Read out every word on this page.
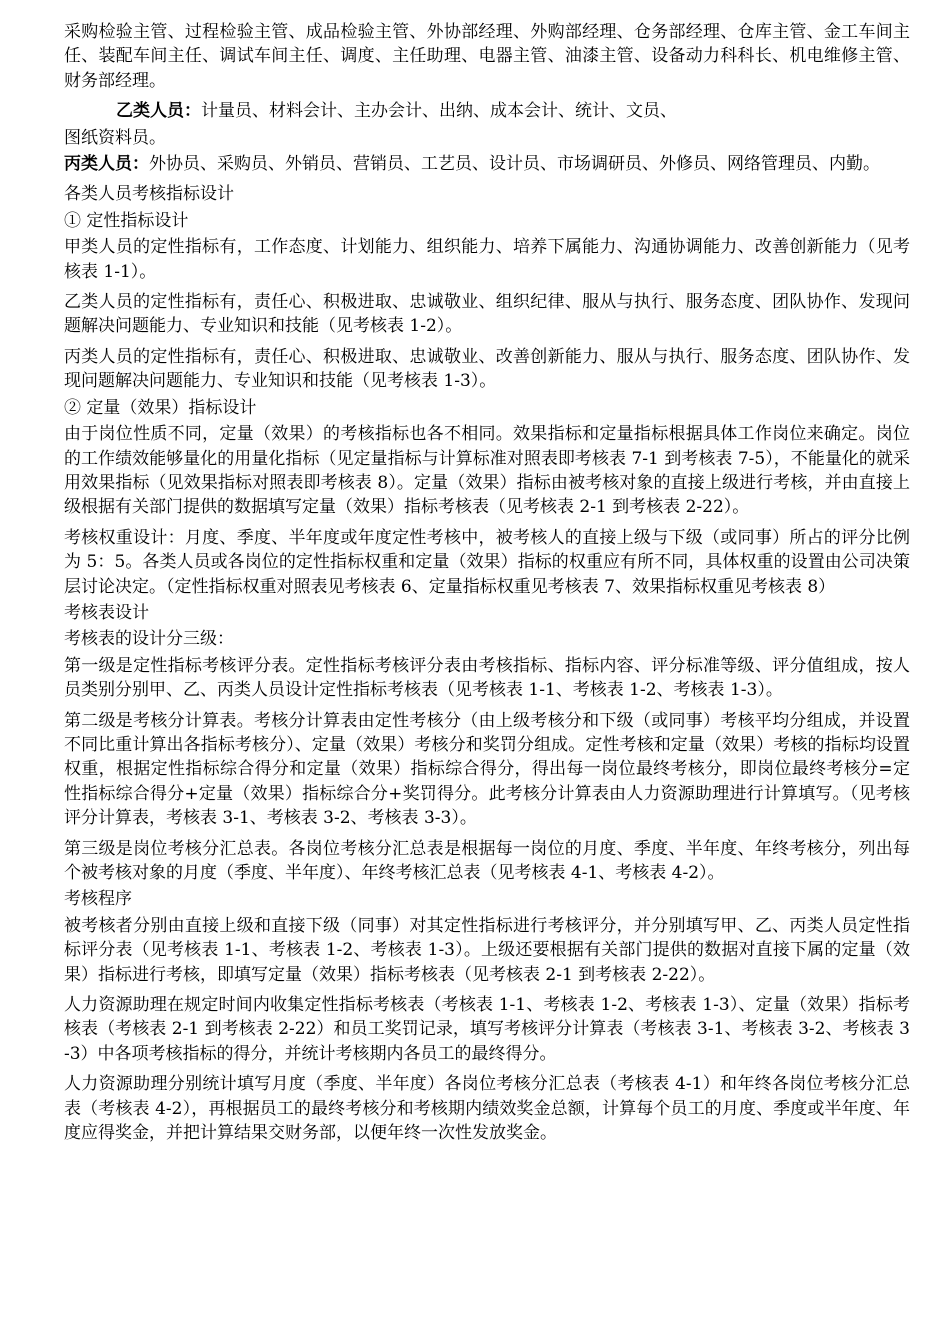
采购检验主管、过程检验主管、成品检验主管、外协部经理、外购部经理、仓务部经理、仓库主管、金工车间主任、装配车间主任、调试车间主任、调度、主任助理、电器主管、油漆主管、设备动力科科长、机电维修主管、财务部经理。

乙类人员：计量员、材料会计、主办会计、出纳、成本会计、统计、文员、

图纸资料员。

丙类人员：外协员、采购员、外销员、营销员、工艺员、设计员、市场调研员、外修员、网络管理员、内勤。

各类人员考核指标设计

① 定性指标设计

甲类人员的定性指标有，工作态度、计划能力、组织能力、培养下属能力、沟通协调能力、改善创新能力（见考核表 1-1）。

乙类人员的定性指标有，责任心、积极进取、忠诚敬业、组织纪律、服从与执行、服务态度、团队协作、发现问题解决问题能力、专业知识和技能（见考核表 1-2）。

丙类人员的定性指标有，责任心、积极进取、忠诚敬业、改善创新能力、服从与执行、服务态度、团队协作、发现问题解决问题能力、专业知识和技能（见考核表 1-3）。

② 定量（效果）指标设计

由于岗位性质不同，定量（效果）的考核指标也各不相同。效果指标和定量指标根据具体工作岗位来确定。岗位的工作绩效能够量化的用量化指标（见定量指标与计算标准对照表即考核表 7-1 到考核表 7-5），不能量化的就采用效果指标（见效果指标对照表即考核表 8）。定量（效果）指标由被考核对象的直接上级进行考核，并由直接上级根据有关部门提供的数据填写定量（效果）指标考核表（见考核表 2-1 到考核表 2-22）。

考核权重设计：月度、季度、半年度或年度定性考核中，被考核人的直接上级与下级（或同事）所占的评分比例为 5：5。各类人员或各岗位的定性指标权重和定量（效果）指标的权重应有所不同，具体权重的设置由公司决策层讨论决定。（定性指标权重对照表见考核表 6、定量指标权重见考核表 7、效果指标权重见考核表 8）

考核表设计

考核表的设计分三级：

第一级是定性指标考核评分表。定性指标考核评分表由考核指标、指标内容、评分标准等级、评分值组成，按人员类别分别甲、乙、丙类人员设计定性指标考核表（见考核表 1-1、考核表 1-2、考核表 1-3）。

第二级是考核分计算表。考核分计算表由定性考核分（由上级考核分和下级（或同事）考核平均分组成，并设置不同比重计算出各指标考核分）、定量（效果）考核分和奖罚分组成。定性考核和定量（效果）考核的指标均设置权重，根据定性指标综合得分和定量（效果）指标综合得分，得出每一岗位最终考核分，即岗位最终考核分=定性指标综合得分+定量（效果）指标综合分+奖罚得分。此考核分计算表由人力资源助理进行计算填写。（见考核评分计算表，考核表 3-1、考核表 3-2、考核表 3-3）。

第三级是岗位考核分汇总表。各岗位考核分汇总表是根据每一岗位的月度、季度、半年度、年终考核分，列出每个被考核对象的月度（季度、半年度）、年终考核汇总表（见考核表 4-1、考核表 4-2）。

考核程序

被考核者分别由直接上级和直接下级（同事）对其定性指标进行考核评分，并分别填写甲、乙、丙类人员定性指标评分表（见考核表 1-1、考核表 1-2、考核表 1-3）。上级还要根据有关部门提供的数据对直接下属的定量（效果）指标进行考核，即填写定量（效果）指标考核表（见考核表 2-1 到考核表 2-22）。

人力资源助理在规定时间内收集定性指标考核表（考核表 1-1、考核表 1-2、考核表 1-3）、定量（效果）指标考核表（考核表 2-1 到考核表 2-22）和员工奖罚记录，填写考核评分计算表（考核表 3-1、考核表 3-2、考核表 3-3）中各项考核指标的得分，并统计考核期内各员工的最终得分。

人力资源助理分别统计填写月度（季度、半年度）各岗位考核分汇总表（考核表 4-1）和年终各岗位考核分汇总表（考核表 4-2），再根据员工的最终考核分和考核期内绩效奖金总额，计算每个员工的月度、季度或半年度、年度应得奖金，并把计算结果交财务部，以便年终一次性发放奖金。
